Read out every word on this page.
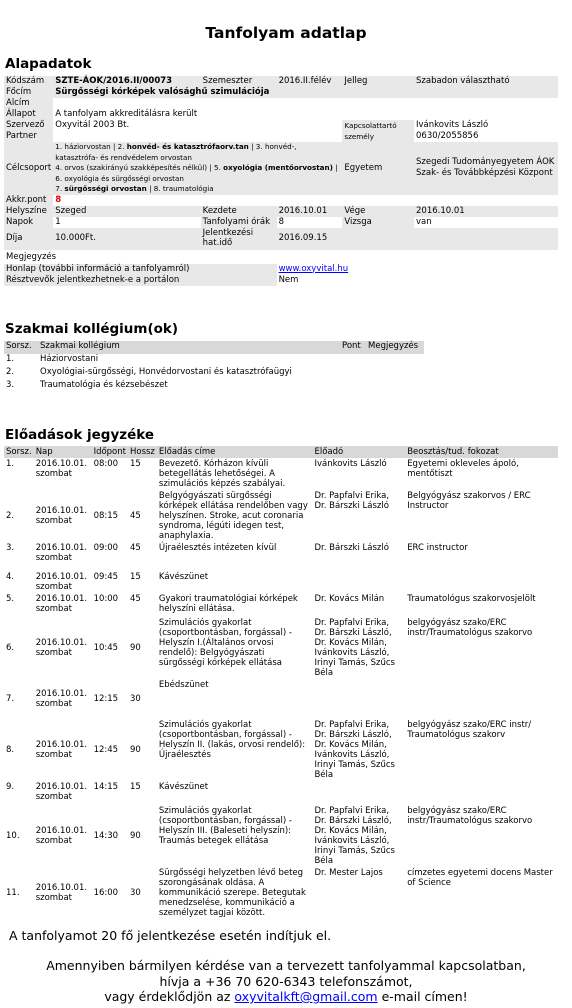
Tanfolyam adatlap
Alapadatok
Kódszám	SZTE-ÁOK/2016.II/00073	Szemeszter	2016.II.félév	Jelleg	Szabadon választható
Főcím	Sürgősségi kórképek valósághű szimulációja				
Alcím					
Állapot	A tanfolyam akkreditálásra került				
Szervező	Oxyvitál 2003 Bt.			Kapcsolattartó személy	Ivánkovits László
0630/2055856
Partner					
Célcsoport	1. háziorvostan | 2. honvéd- és katasztrófaorv.tan | 3. honvéd-,
katasztrófa- és rendvédelem orvostan
4. orvos (szakirányú szakképesítés nélkül) | 5. oxyológia (mentőorvostan) |
6. oxyológia és sürgősségi orvostan
7. sürgősségi orvostan | 8. traumatológia			Egyetem	Szegedi Tudományegyetem ÁOK
Szak- és Továbbképzési Központ
Akkr.pont	8				
Helyszíne	Szeged	Kezdete	2016.10.01	Vége	2016.10.01
Napok	1	Tanfolyami órák	8	Vizsga	van
Díja	10.000Ft.	Jelentkezési
hat.idő	2016.09.15		
Megjegyzés					
Honlap (további információ a tanfolyamról)			www.oxyvital.hu		
Résztvevők jelentkezhetnek-e a portálon			Nem		
Szakmai kollégium(ok)
Sorsz.	Szakmai kollégium	Pont	Megjegyzés
1.	Háziorvostani		
2.	Oxyológiai-sürgősségi, Honvédorvostani és katasztrófaügyi		
3.	Traumatológia és kézsebészet		
Előadások jegyzéke
Sorsz.	Nap	Időpont	Hossz	Előadás címe	Előadó	Beosztás/tud. fokozat
1.	2016.10.01.
szombat	08:00	15	Bevezető. Kórházon kívüli betegellátás lehetőségei. A szimulációs képzés szabályai.	Ivánkovits László	Egyetemi okleveles ápoló, mentőtiszt
2.	2016.10.01.
szombat	08:15	45	Belgyógyászati sürgősségi kórképek ellátása rendelőben vagy helyszínen. Stroke, acut coronaria syndroma, légúti idegen test, anaphylaxia.	Dr. Papfalvi Erika, Dr. Bárszki László	Belgyógyász szakorvos / ERC Instructor
3.	2016.10.01.
szombat	09:00	45	Újraélesztés intézeten kívül	Dr. Bárszki László	ERC instructor
4.	2016.10.01.
szombat	09:45	15	Kávészünet		
5.	2016.10.01.
szombat	10:00	45	Gyakori traumatológiai kórképek helyszíni ellátása.	Dr. Kovács Milán	Traumatológus szakorvosjelölt
6.	2016.10.01.
szombat	10:45	90	Szimulációs gyakorlat (csoportbontásban, forgással) - Helyszín I.(Általános orvosi rendelő): Belgyógyászati sürgősségi kórképek ellátása	Dr. Papfalvi Erika, Dr. Bárszki László, Dr. Kovács Milán, Ivánkovits László, Irinyi Tamás, Szűcs Béla	belgyógyász szako/ERC instr/Traumatológus szakorvo
7.	2016.10.01.
szombat	12:15	30	Ebédszünet		
8.	2016.10.01.
szombat	12:45	90	Szimulációs gyakorlat (csoportbontásban, forgással) - Helyszín II. (lakás, orvosi rendelő): Újraélesztés	Dr. Papfalvi Erika, Dr. Bárszki László, Dr. Kovács Milán, Ivánkovits László, Irinyi Tamás, Szűcs Béla	belgyógyász szako/ERC instr/ Traumatológus szakorv
9.	2016.10.01.
szombat	14:15	15	Kávészünet		
10.	2016.10.01.
szombat	14:30	90	Szimulációs gyakorlat (csoportbontásban, forgással) - Helyszín III. (Baleseti helyszín): Traumás betegek ellátása	Dr. Papfalvi Erika, Dr. Bárszki László, Dr. Kovács Milán, Ivánkovits László, Irinyi Tamás, Szűcs Béla	belgyógyász szako/ERC instr/Traumatológus szakorvo
11.	2016.10.01.
szombat	16:00	30	Sürgősségi helyzetben lévő beteg szorongásának oldása. A kommunikáció szerepe. Betegutak menedzselése, kommunikáció a személyzet tagjai között.	Dr. Mester Lajos	címzetes egyetemi docens Master of Science
A tanfolyamot 20 fő jelentkezése esetén indítjuk el.
Amennyiben bármilyen kérdése van a tervezett tanfolyammal kapcsolatban,
hívja a +36 70 620-6343 telefonszámot,
vagy érdeklődjön az oxyvitalkft@gmail.com e-mail címen!
